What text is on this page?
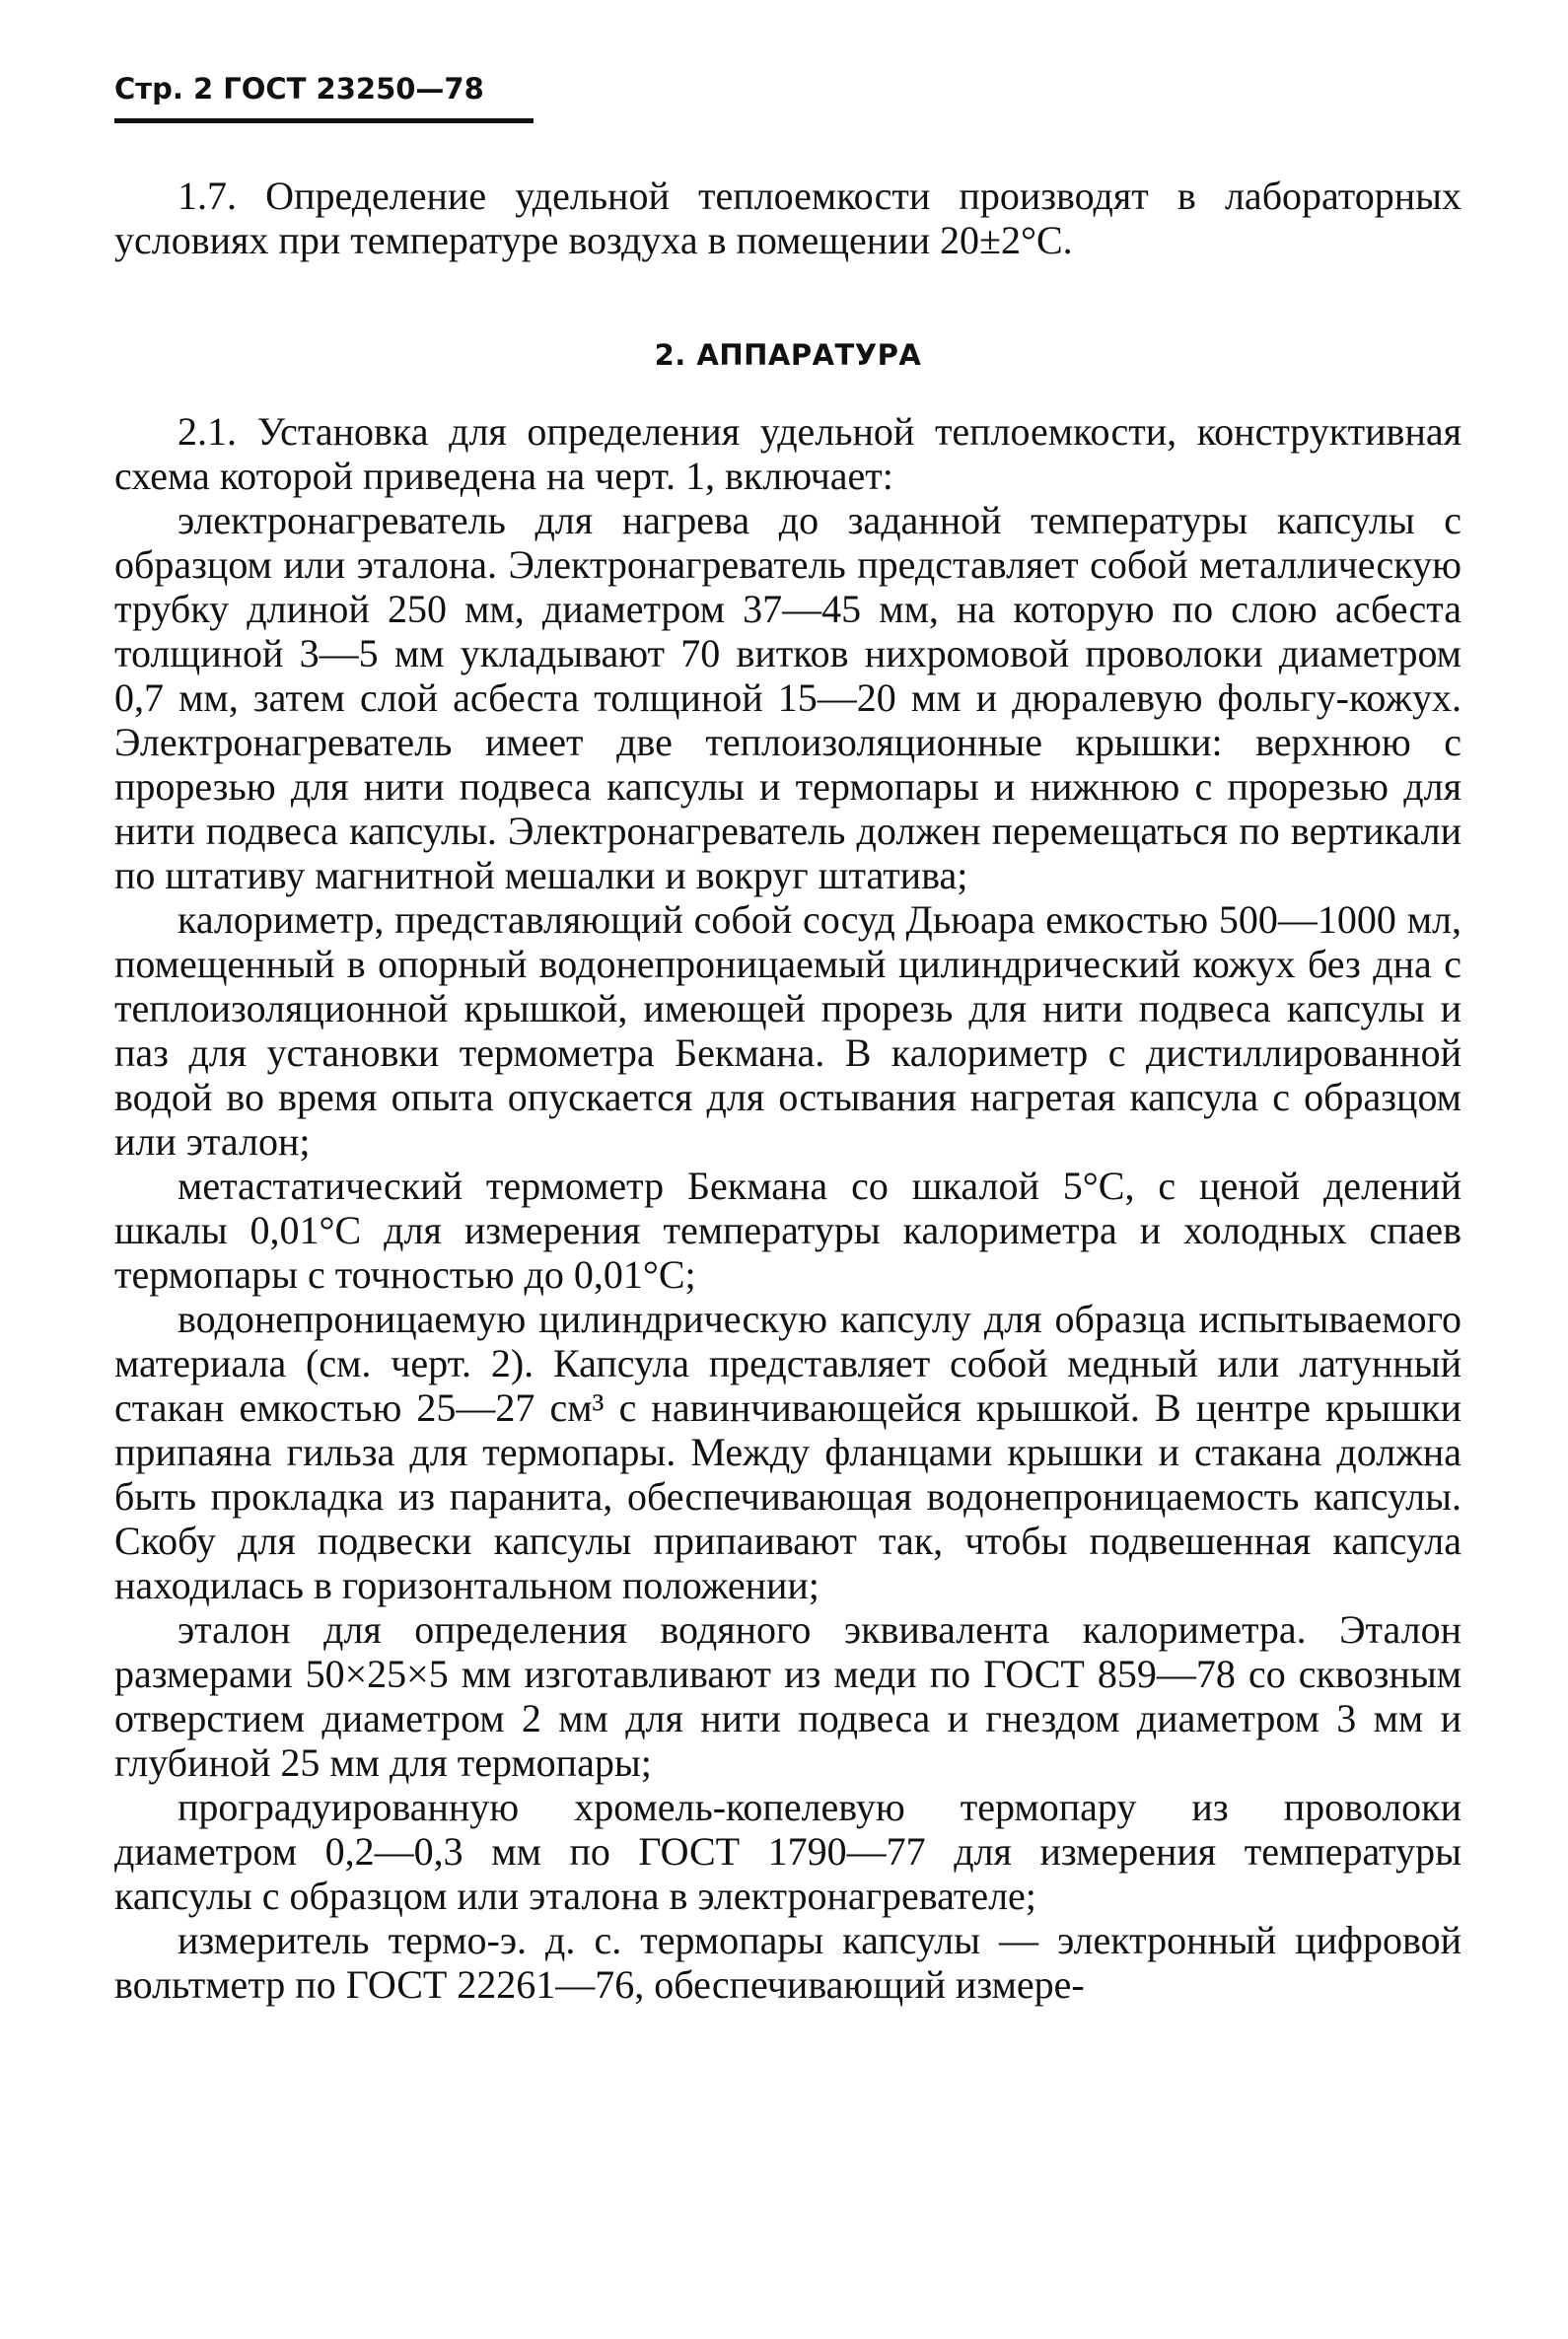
Стр. 2 ГОСТ 23250—78

1.7. Определение удельной теплоемкости производят в лабораторных условиях при температуре воздуха в помещении 20±2°С.

2. АППАРАТУРА

2.1. Установка для определения удельной теплоемкости, конструктивная схема которой приведена на черт. 1, включает:

электронагреватель для нагрева до заданной температуры капсулы с образцом или эталона. Электронагреватель представляет собой металлическую трубку длиной 250 мм, диаметром 37—45 мм, на которую по слою асбеста толщиной 3—5 мм укладывают 70 витков нихромовой проволоки диаметром 0,7 мм, затем слой асбеста толщиной 15—20 мм и дюралевую фольгу-кожух. Электронагреватель имеет две теплоизоляционные крышки: верхнюю с прорезью для нити подвеса капсулы и термопары и нижнюю с прорезью для нити подвеса капсулы. Электронагреватель должен перемещаться по вертикали по штативу магнитной мешалки и вокруг штатива;

калориметр, представляющий собой сосуд Дьюара емкостью 500—1000 мл, помещенный в опорный водонепроницаемый цилиндрический кожух без дна с теплоизоляционной крышкой, имеющей прорезь для нити подвеса капсулы и паз для установки термометра Бекмана. В калориметр с дистиллированной водой во время опыта опускается для остывания нагретая капсула с образцом или эталон;

метастатический термометр Бекмана со шкалой 5°С, с ценой делений шкалы 0,01°С для измерения температуры калориметра и холодных спаев термопары с точностью до 0,01°С;

водонепроницаемую цилиндрическую капсулу для образца испытываемого материала (см. черт. 2). Капсула представляет собой медный или латунный стакан емкостью 25—27 см³ с навинчивающейся крышкой. В центре крышки припаяна гильза для термопары. Между фланцами крышки и стакана должна быть прокладка из паранита, обеспечивающая водонепроницаемость капсулы. Скобу для подвески капсулы припаивают так, чтобы подвешенная капсула находилась в горизонтальном положении;

эталон для определения водяного эквивалента калориметра. Эталон размерами 50×25×5 мм изготавливают из меди по ГОСТ 859—78 со сквозным отверстием диаметром 2 мм для нити подвеса и гнездом диаметром 3 мм и глубиной 25 мм для термопары;

проградуированную хромель-копелевую термопару из проволоки диаметром 0,2—0,3 мм по ГОСТ 1790—77 для измерения температуры капсулы с образцом или эталона в электронагревателе;

измеритель термо-э. д. с. термопары капсулы — электронный цифровой вольтметр по ГОСТ 22261—76, обеспечивающий измере-
